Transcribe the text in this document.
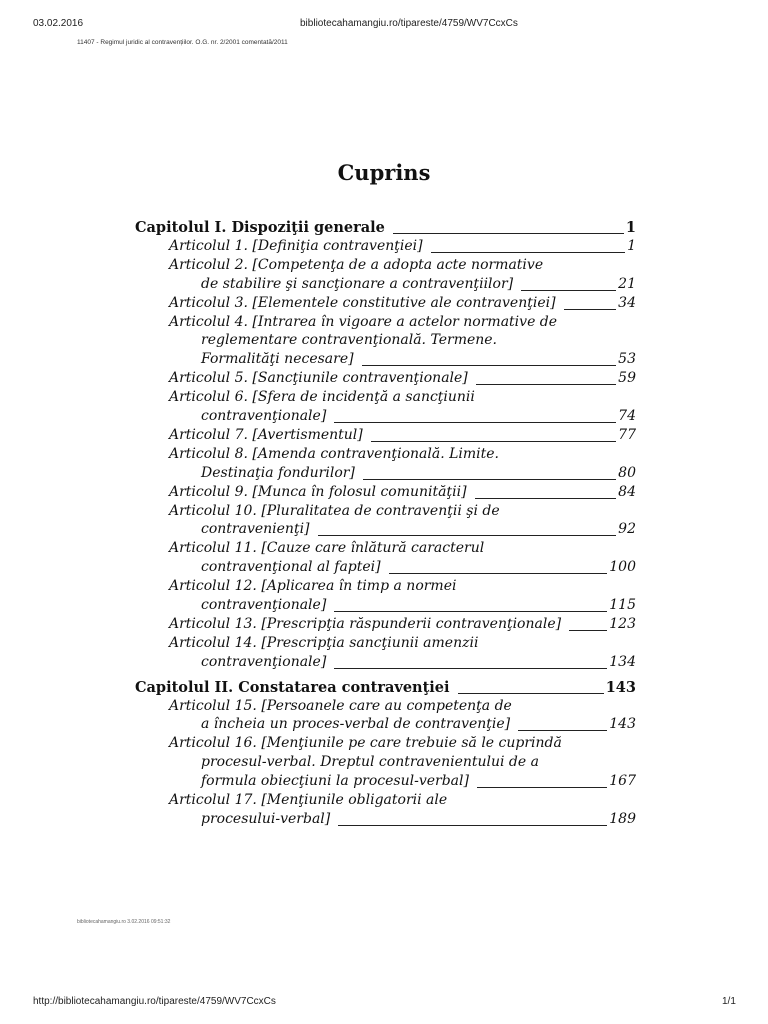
03.02.2016	bibliotecahamangiu.ro/tipareste/4759/WV7CcxCs
11407 - Regimul juridic al contravențiilor. O.G. nr. 2/2001 comentată/2011
Cuprins
Capitolul I. Dispoziţii generale	1
Articolul 1. [Definiţia contravenţiei]	1
Articolul 2. [Competenţa de a adopta acte normative
de stabilire şi sancţionare a contravenţiilor]	21
Articolul 3. [Elementele constitutive ale contravenţiei]	34
Articolul 4. [Intrarea în vigoare a actelor normative de
reglementare contravenţională. Termene.
Formalităţi necesare]	53
Articolul 5. [Sancţiunile contravenţionale]	59
Articolul 6. [Sfera de incidenţă a sancţiunii
contravenţionale]	74
Articolul 7. [Avertismentul]	77
Articolul 8. [Amenda contravenţională. Limite.
Destinaţia fondurilor]	80
Articolul 9. [Munca în folosul comunităţii]	84
Articolul 10. [Pluralitatea de contravenţii şi de
contravenienţi]	92
Articolul 11. [Cauze care înlătură caracterul
contravenţional al faptei]	100
Articolul 12. [Aplicarea în timp a normei
contravenţionale]	115
Articolul 13. [Prescripţia răspunderii contravenţionale]	123
Articolul 14. [Prescripţia sancţiunii amenzii
contravenţionale]	134
Capitolul II. Constatarea contravenţiei	143
Articolul 15. [Persoanele care au competenţa de
a încheia un proces-verbal de contravenţie]	143
Articolul 16. [Menţiunile pe care trebuie să le cuprindă
procesul-verbal. Dreptul contravenientului de a
formula obiecţiuni la procesul-verbal]	167
Articolul 17. [Menţiunile obligatorii ale
procesului-verbal]	189
bibliotecahamangiu.ro 3.02.2016 09:51:32
http://bibliotecahamangiu.ro/tipareste/4759/WV7CcxCs	1/1
